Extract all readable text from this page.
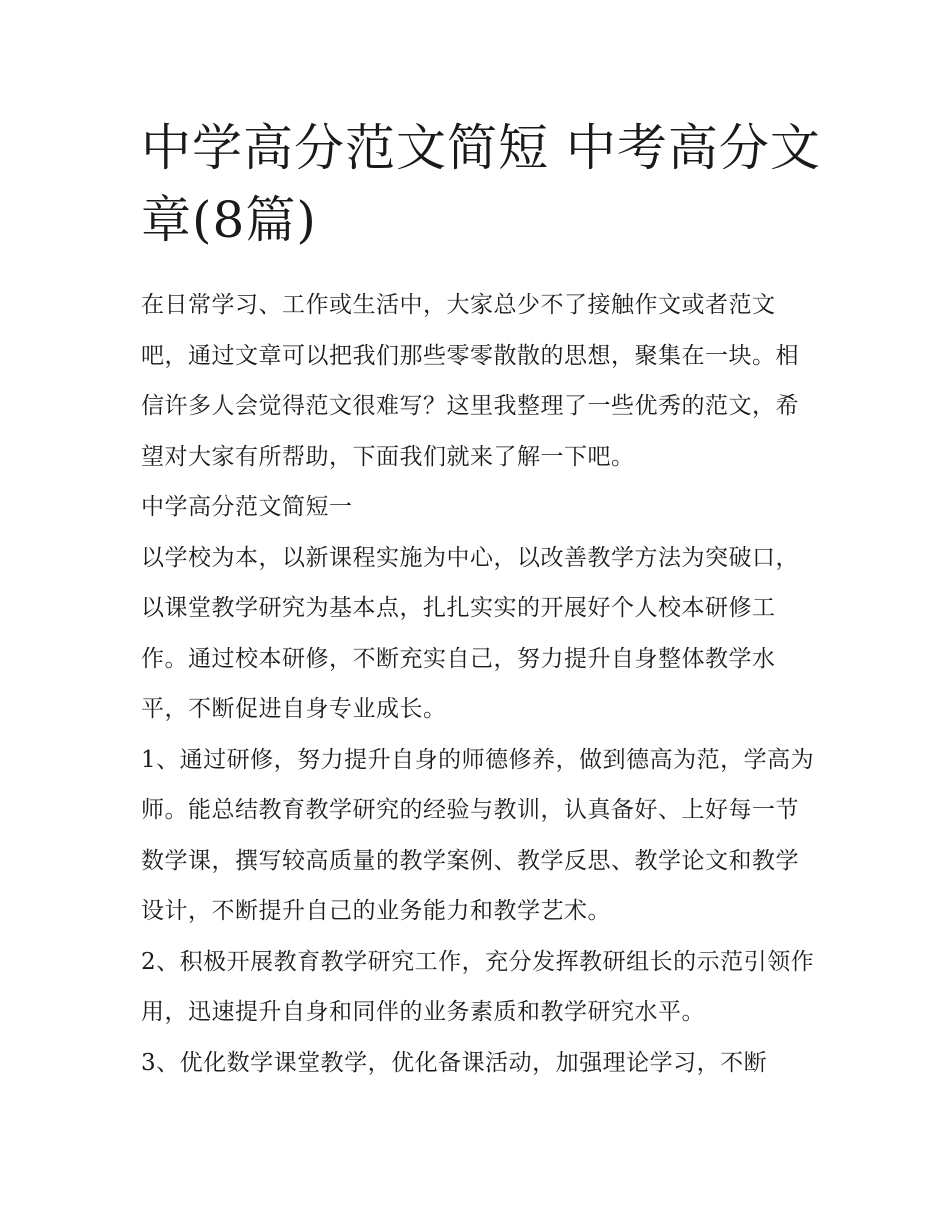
中学高分范文简短 中考高分文章(8篇)

在日常学习、工作或生活中，大家总少不了接触作文或者范文吧，通过文章可以把我们那些零零散散的思想，聚集在一块。相信许多人会觉得范文很难写？这里我整理了一些优秀的范文，希望对大家有所帮助，下面我们就来了解一下吧。

中学高分范文简短一

以学校为本，以新课程实施为中心，以改善教学方法为突破口，以课堂教学研究为基本点，扎扎实实的开展好个人校本研修工作。通过校本研修，不断充实自己，努力提升自身整体教学水平，不断促进自身专业成长。

1、通过研修，努力提升自身的师德修养，做到德高为范，学高为师。能总结教育教学研究的经验与教训，认真备好、上好每一节数学课，撰写较高质量的教学案例、教学反思、教学论文和教学设计，不断提升自己的业务能力和教学艺术。

2、积极开展教育教学研究工作，充分发挥教研组长的示范引领作用，迅速提升自身和同伴的业务素质和教学研究水平。

3、优化数学课堂教学，优化备课活动，加强理论学习，不断
